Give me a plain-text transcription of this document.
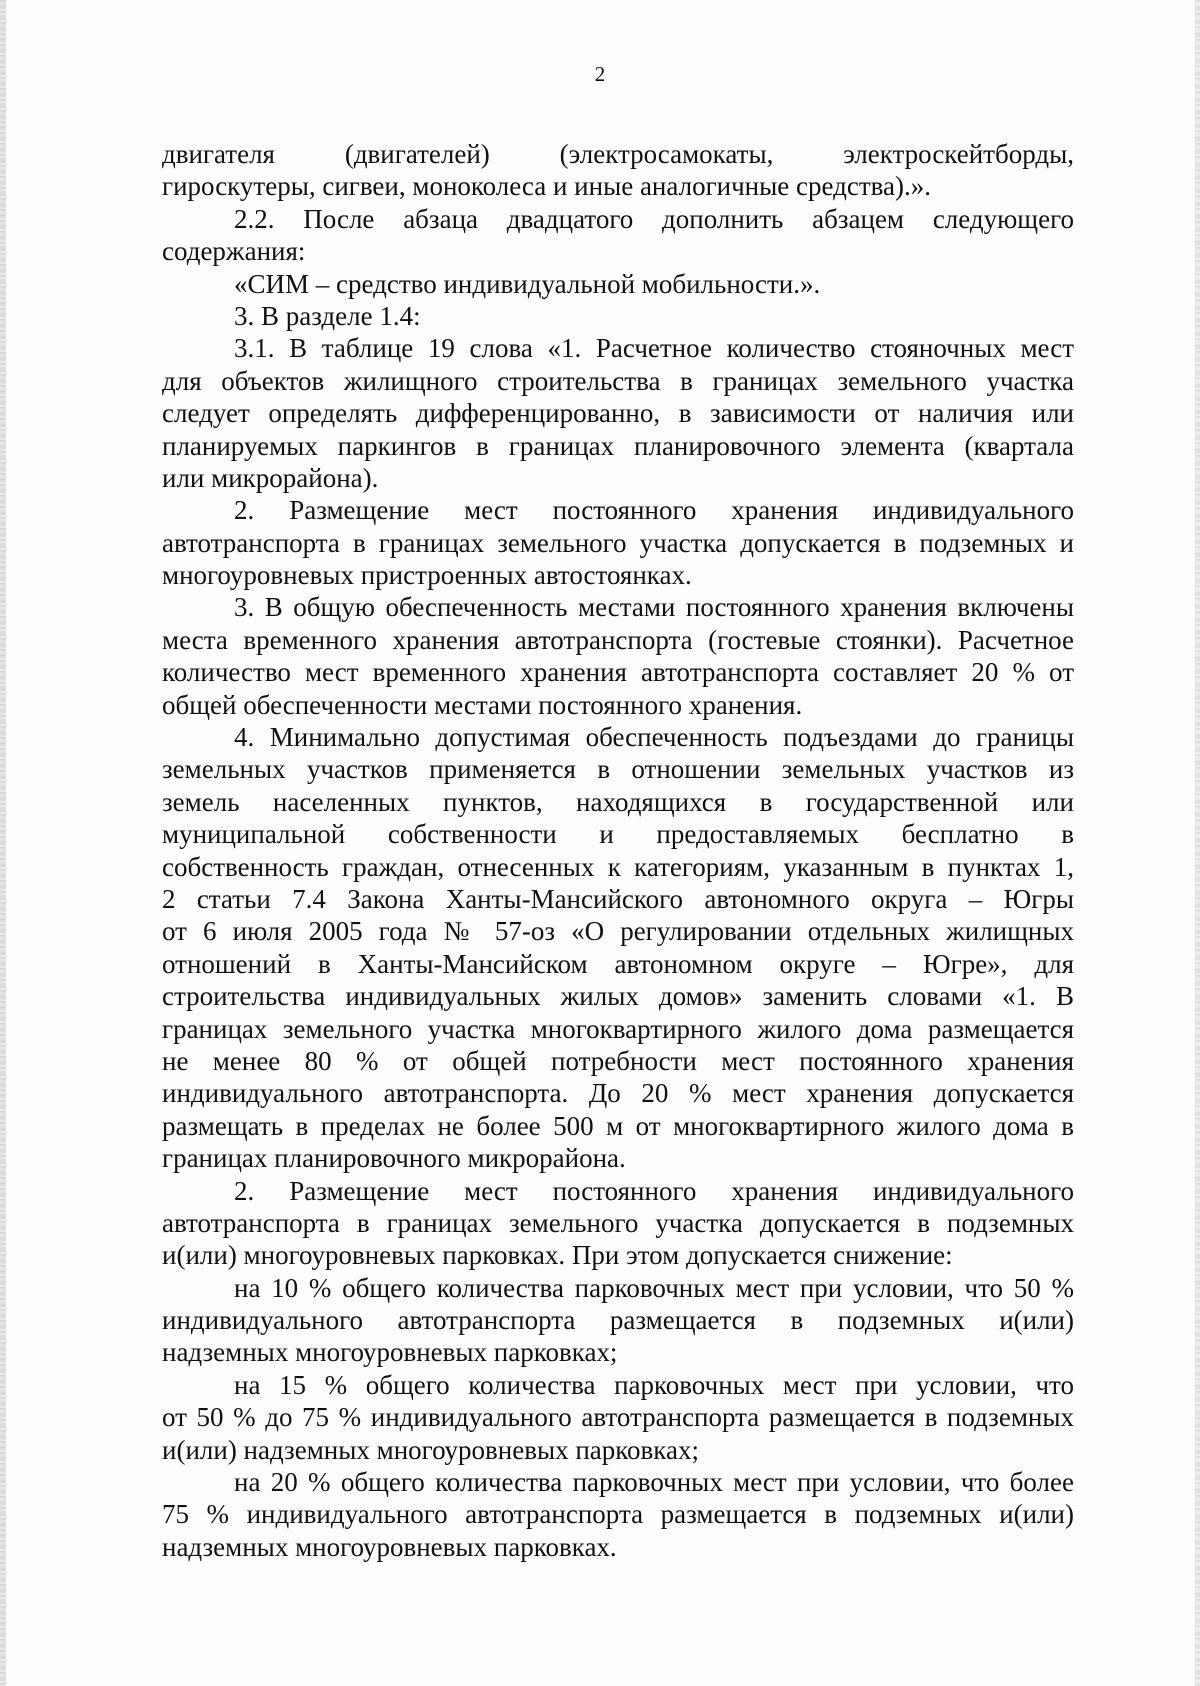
2
двигателя (двигателей) (электросамокаты, электроскейтборды,
гироскутеры, сигвеи, моноколеса и иные аналогичные средства).».
2.2. После абзаца двадцатого дополнить абзацем следующего
содержания:
«СИМ – средство индивидуальной мобильности.».
3. В разделе 1.4:
3.1. В таблице 19 слова «1. Расчетное количество стояночных мест
для объектов жилищного строительства в границах земельного участка
следует определять дифференцированно, в зависимости от наличия или
планируемых паркингов в границах планировочного элемента (квартала
или микрорайона).
2. Размещение мест постоянного хранения индивидуального
автотранспорта в границах земельного участка допускается в подземных и
многоуровневых пристроенных автостоянках.
3. В общую обеспеченность местами постоянного хранения включены
места временного хранения автотранспорта (гостевые стоянки). Расчетное
количество мест временного хранения автотранспорта составляет 20 % от
общей обеспеченности местами постоянного хранения.
4. Минимально допустимая обеспеченность подъездами до границы
земельных участков применяется в отношении земельных участков из
земель населенных пунктов, находящихся в государственной или
муниципальной собственности и предоставляемых бесплатно в
собственность граждан, отнесенных к категориям, указанным в пунктах 1,
2 статьи 7.4 Закона Ханты-Мансийского автономного округа – Югры
от 6 июля 2005 года № 57-оз «О регулировании отдельных жилищных
отношений в Ханты-Мансийском автономном округе – Югре», для
строительства индивидуальных жилых домов» заменить словами «1. В
границах земельного участка многоквартирного жилого дома размещается
не менее 80 % от общей потребности мест постоянного хранения
индивидуального автотранспорта. До 20 % мест хранения допускается
размещать в пределах не более 500 м от многоквартирного жилого дома в
границах планировочного микрорайона.
2. Размещение мест постоянного хранения индивидуального
автотранспорта в границах земельного участка допускается в подземных
и(или) многоуровневых парковках. При этом допускается снижение:
на 10 % общего количества парковочных мест при условии, что 50 %
индивидуального автотранспорта размещается в подземных и(или)
надземных многоуровневых парковках;
на 15 % общего количества парковочных мест при условии, что
от 50 % до 75 % индивидуального автотранспорта размещается в подземных
и(или) надземных многоуровневых парковках;
на 20 % общего количества парковочных мест при условии, что более
75 % индивидуального автотранспорта размещается в подземных и(или)
надземных многоуровневых парковках.
